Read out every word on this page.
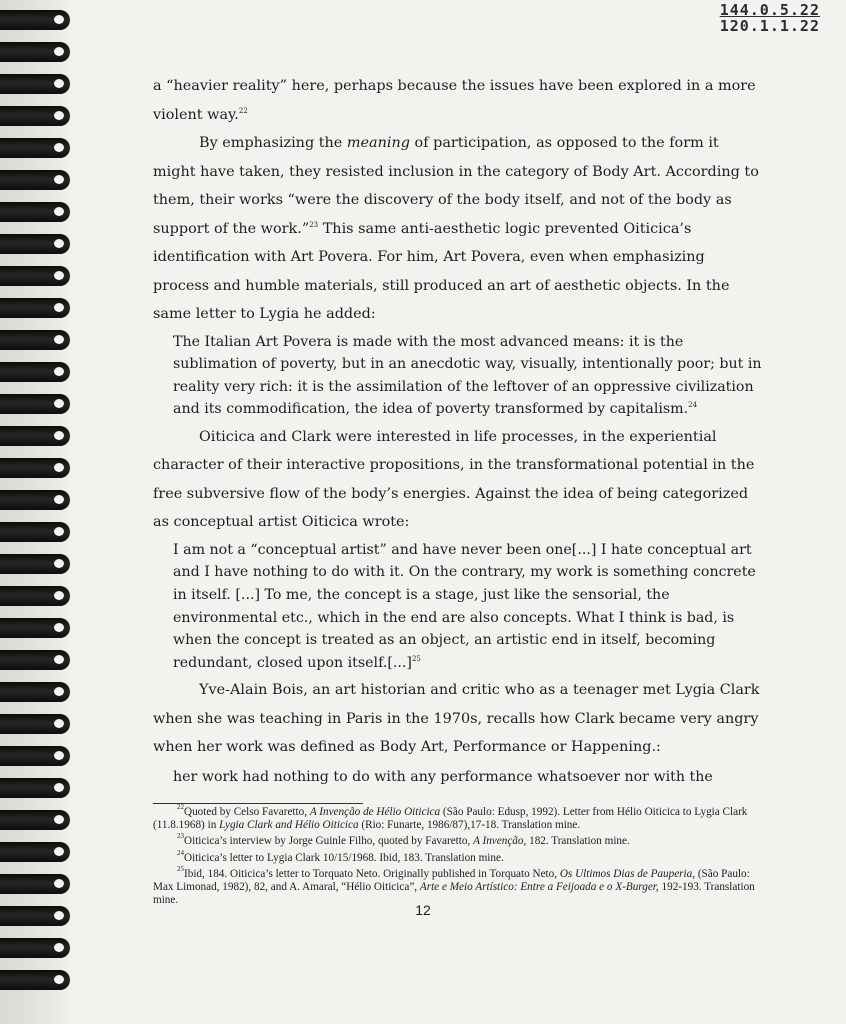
144.0.5.22
120.1.1.22

a “heavier reality” here, perhaps because the issues have been explored in a more violent way.$^{22}$

By emphasizing the meaning of participation, as opposed to the form it might have taken, they resisted inclusion in the category of Body Art. According to them, their works “were the discovery of the body itself, and not of the body as support of the work.”$^{23}$ This same anti-aesthetic logic prevented Oiticica’s identification with Art Povera. For him, Art Povera, even when emphasizing process and humble materials, still produced an art of aesthetic objects. In the same letter to Lygia he added:

The Italian Art Povera is made with the most advanced means: it is the sublimation of poverty, but in an anecdotic way, visually, intentionally poor; but in reality very rich: it is the assimilation of the leftover of an oppressive civilization and its commodification, the idea of poverty transformed by capitalism.$^{24}$

Oiticica and Clark were interested in life processes, in the experiential character of their interactive propositions, in the transformational potential in the free subversive flow of the body’s energies. Against the idea of being categorized as conceptual artist Oiticica wrote:

I am not a “conceptual artist” and have never been one[...] I hate conceptual art and I have nothing to do with it. On the contrary, my work is something concrete in itself. [...] To me, the concept is a stage, just like the sensorial, the environmental etc., which in the end are also concepts. What I think is bad, is when the concept is treated as an object, an artistic end in itself, becoming redundant, closed upon itself.[...]$^{25}$

Yve-Alain Bois, an art historian and critic who as a teenager met Lygia Clark when she was teaching in Paris in the 1970s, recalls how Clark became very angry when her work was defined as Body Art, Performance or Happening.:

her work had nothing to do with any performance whatsoever nor with the

$^{22}$Quoted by Celso Favaretto, A Invenção de Hélio Oiticica (São Paulo: Edusp, 1992). Letter from Hélio Oiticica to Lygia Clark (11.8.1968) in Lygia Clark and Hélio Oiticica (Rio: Funarte, 1986/87),17-18. Translation mine.

$^{23}$Oiticica’s interview by Jorge Guinle Filho, quoted by Favaretto, A Invenção, 182. Translation mine.

$^{24}$Oiticica’s letter to Lygia Clark 10/15/1968. Ibid, 183. Translation mine.

$^{25}$Ibid, 184. Oiticica’s letter to Torquato Neto. Originally published in Torquato Neto, Os Ultimos Dias de Pauperia, (São Paulo: Max Limonad, 1982), 82, and A. Amaral, “Hélio Oiticica”, Arte e Meio Artístico: Entre a Feijoada e o X-Burger, 192-193. Translation mine.

12
